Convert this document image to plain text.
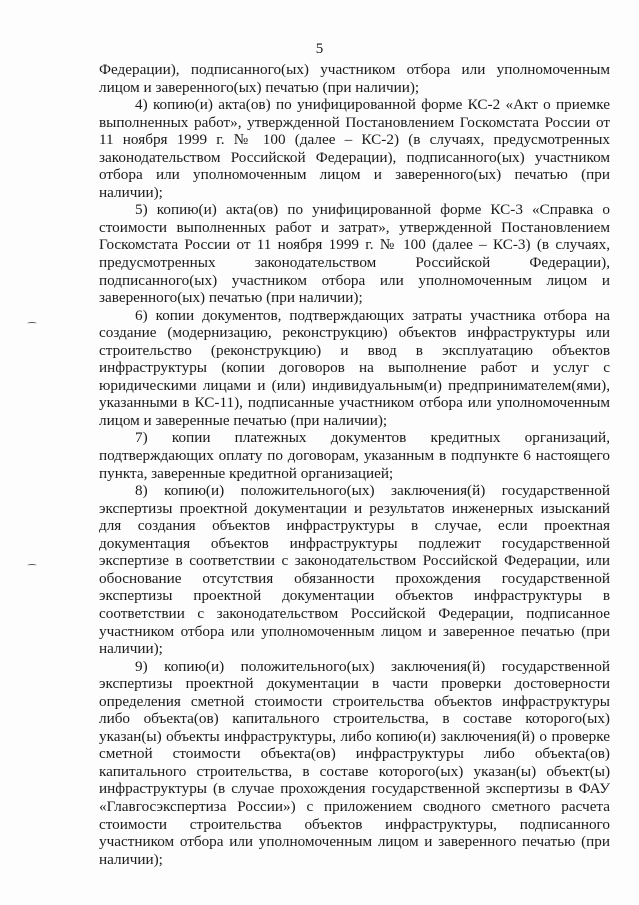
5

Федерации), подписанного(ых) участником отбора или уполномоченным лицом и заверенного(ых) печатью (при наличии);

4) копию(и) акта(ов) по унифицированной форме КС-2 «Акт о приемке выполненных работ», утвержденной Постановлением Госкомстата России от 11 ноября 1999 г. № 100 (далее – КС-2) (в случаях, предусмотренных законодательством Российской Федерации), подписанного(ых) участником отбора или уполномоченным лицом и заверенного(ых) печатью (при наличии);

5) копию(и) акта(ов) по унифицированной форме КС-3 «Справка о стоимости выполненных работ и затрат», утвержденной Постановлением Госкомстата России от 11 ноября 1999 г. № 100 (далее – КС-3) (в случаях, предусмотренных законодательством Российской Федерации), подписанного(ых) участником отбора или уполномоченным лицом и заверенного(ых) печатью (при наличии);

6) копии документов, подтверждающих затраты участника отбора на создание (модернизацию, реконструкцию) объектов инфраструктуры или строительство (реконструкцию) и ввод в эксплуатацию объектов инфраструктуры (копии договоров на выполнение работ и услуг с юридическими лицами и (или) индивидуальным(и) предпринимателем(ями), указанными в КС-11), подписанные участником отбора или уполномоченным лицом и заверенные печатью (при наличии);

7) копии платежных документов кредитных организаций, подтверждающих оплату по договорам, указанным в подпункте 6 настоящего пункта, заверенные кредитной организацией;

8) копию(и) положительного(ых) заключения(й) государственной экспертизы проектной документации и результатов инженерных изысканий для создания объектов инфраструктуры в случае, если проектная документация объектов инфраструктуры подлежит государственной экспертизе в соответствии с законодательством Российской Федерации, или обоснование отсутствия обязанности прохождения государственной экспертизы проектной документации объектов инфраструктуры в соответствии с законодательством Российской Федерации, подписанное участником отбора или уполномоченным лицом и заверенное печатью (при наличии);

9) копию(и) положительного(ых) заключения(й) государственной экспертизы проектной документации в части проверки достоверности определения сметной стоимости строительства объектов инфраструктуры либо объекта(ов) капитального строительства, в составе которого(ых) указан(ы) объекты инфраструктуры, либо копию(и) заключения(й) о проверке сметной стоимости объекта(ов) инфраструктуры либо объекта(ов) капитального строительства, в составе которого(ых) указан(ы) объект(ы) инфраструктуры (в случае прохождения государственной экспертизы в ФАУ «Главгосэкспертиза России») с приложением сводного сметного расчета стоимости строительства объектов инфраструктуры, подписанного участником отбора или уполномоченным лицом и заверенного печатью (при наличии);
